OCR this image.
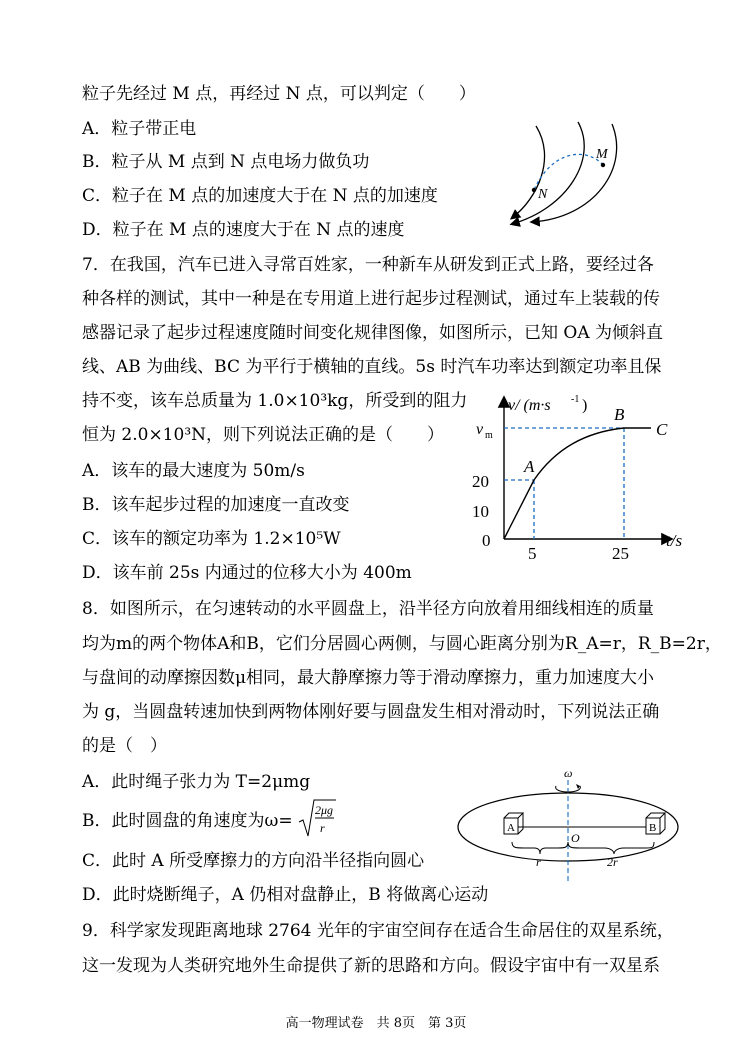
粒子先经过 M 点，再经过 N 点，可以判定（　　）
A．粒子带正电
B．粒子从 M 点到 N 点电场力做负功
C．粒子在 M 点的加速度大于在 N 点的加速度
D．粒子在 M 点的速度大于在 N 点的速度
M
N
7．在我国，汽车已进入寻常百姓家，一种新车从研发到正式上路，要经过各
种各样的测试，其中一种是在专用道上进行起步过程测试，通过车上装载的传
感器记录了起步过程速度随时间变化规律图像，如图所示，已知 OA 为倾斜直
线、AB 为曲线、BC 为平行于横轴的直线。5s 时汽车功率达到额定功率且保
持不变，该车总质量为 1.0×10³kg，所受到的阻力
恒为 2.0×10³N，则下列说法正确的是（　　）
A．该车的最大速度为 50m/s
B．该车起步过程的加速度一直改变
C．该车的额定功率为 1.2×10⁵W
D．该车前 25s 内通过的位移大小为 400m
A
B
C
v m
20
10
0
5	25
t/s
v/ (m·s -1 )
8．如图所示，在匀速转动的水平圆盘上，沿半径方向放着用细线相连的质量
均为m的两个物体A和B，它们分居圆心两侧，与圆心距离分别为R_A=r，R_B=2r，
与盘间的动摩擦因数μ相同，最大静摩擦力等于滑动摩擦力，重力加速度大小
为 g，当圆盘转速加快到两物体刚好要与圆盘发生相对滑动时，下列说法正确
的是（　）
A．此时绳子张力为 T=2μmg
B．此时圆盘的角速度为ω=
2μg
r
C．此时 A 所受摩擦力的方向沿半径指向圆心
D．此时烧断绳子，A 仍相对盘静止，B 将做离心运动
ω
A	B
O
r	2r
9．科学家发现距离地球 2764 光年的宇宙空间存在适合生命居住的双星系统，
这一发现为人类研究地外生命提供了新的思路和方向。假设宇宙中有一双星系
高一物理试卷　共 8页　第 3页
